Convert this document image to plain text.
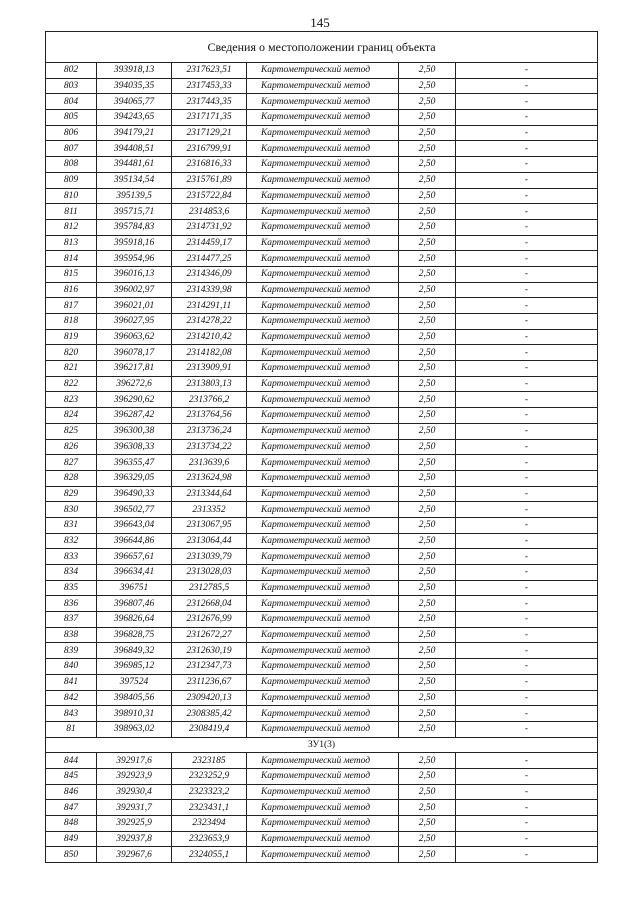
145
Сведения о местоположении границ объекта					
802	393918,13	2317623,51	Картометрический метод	2,50	-
803	394035,35	2317453,33	Картометрический метод	2,50	-
804	394065,77	2317443,35	Картометрический метод	2,50	-
805	394243,65	2317171,35	Картометрический метод	2,50	-
806	394179,21	2317129,21	Картометрический метод	2,50	-
807	394408,51	2316799,91	Картометрический метод	2,50	-
808	394481,61	2316816,33	Картометрический метод	2,50	-
809	395134,54	2315761,89	Картометрический метод	2,50	-
810	395139,5	2315722,84	Картометрический метод	2,50	-
811	395715,71	2314853,6	Картометрический метод	2,50	-
812	395784,83	2314731,92	Картометрический метод	2,50	-
813	395918,16	2314459,17	Картометрический метод	2,50	-
814	395954,96	2314477,25	Картометрический метод	2,50	-
815	396016,13	2314346,09	Картометрический метод	2,50	-
816	396002,97	2314339,98	Картометрический метод	2,50	-
817	396021,01	2314291,11	Картометрический метод	2,50	-
818	396027,95	2314278,22	Картометрический метод	2,50	-
819	396063,62	2314210,42	Картометрический метод	2,50	-
820	396078,17	2314182,08	Картометрический метод	2,50	-
821	396217,81	2313909,91	Картометрический метод	2,50	-
822	396272,6	2313803,13	Картометрический метод	2,50	-
823	396290,62	2313766,2	Картометрический метод	2,50	-
824	396287,42	2313764,56	Картометрический метод	2,50	-
825	396300,38	2313736,24	Картометрический метод	2,50	-
826	396308,33	2313734,22	Картометрический метод	2,50	-
827	396355,47	2313639,6	Картометрический метод	2,50	-
828	396329,05	2313624,98	Картометрический метод	2,50	-
829	396490,33	2313344,64	Картометрический метод	2,50	-
830	396502,77	2313352	Картометрический метод	2,50	-
831	396643,04	2313067,95	Картометрический метод	2,50	-
832	396644,86	2313064,44	Картометрический метод	2,50	-
833	396657,61	2313039,79	Картометрический метод	2,50	-
834	396634,41	2313028,03	Картометрический метод	2,50	-
835	396751	2312785,5	Картометрический метод	2,50	-
836	396807,46	2312668,04	Картометрический метод	2,50	-
837	396826,64	2312676,99	Картометрический метод	2,50	-
838	396828,75	2312672,27	Картометрический метод	2,50	-
839	396849,32	2312630,19	Картометрический метод	2,50	-
840	396985,12	2312347,73	Картометрический метод	2,50	-
841	397524	2311236,67	Картометрический метод	2,50	-
842	398405,56	2309420,13	Картометрический метод	2,50	-
843	398910,31	2308385,42	Картометрический метод	2,50	-
81	398963,02	2308419,4	Картометрический метод	2,50	-
ЗУ1(3)					
844	392917,6	2323185	Картометрический метод	2,50	-
845	392923,9	2323252,9	Картометрический метод	2,50	-
846	392930,4	2323323,2	Картометрический метод	2,50	-
847	392931,7	2323431,1	Картометрический метод	2,50	-
848	392925,9	2323494	Картометрический метод	2,50	-
849	392937,8	2323653,9	Картометрический метод	2,50	-
850	392967,6	2324055,1	Картометрический метод	2,50	-
